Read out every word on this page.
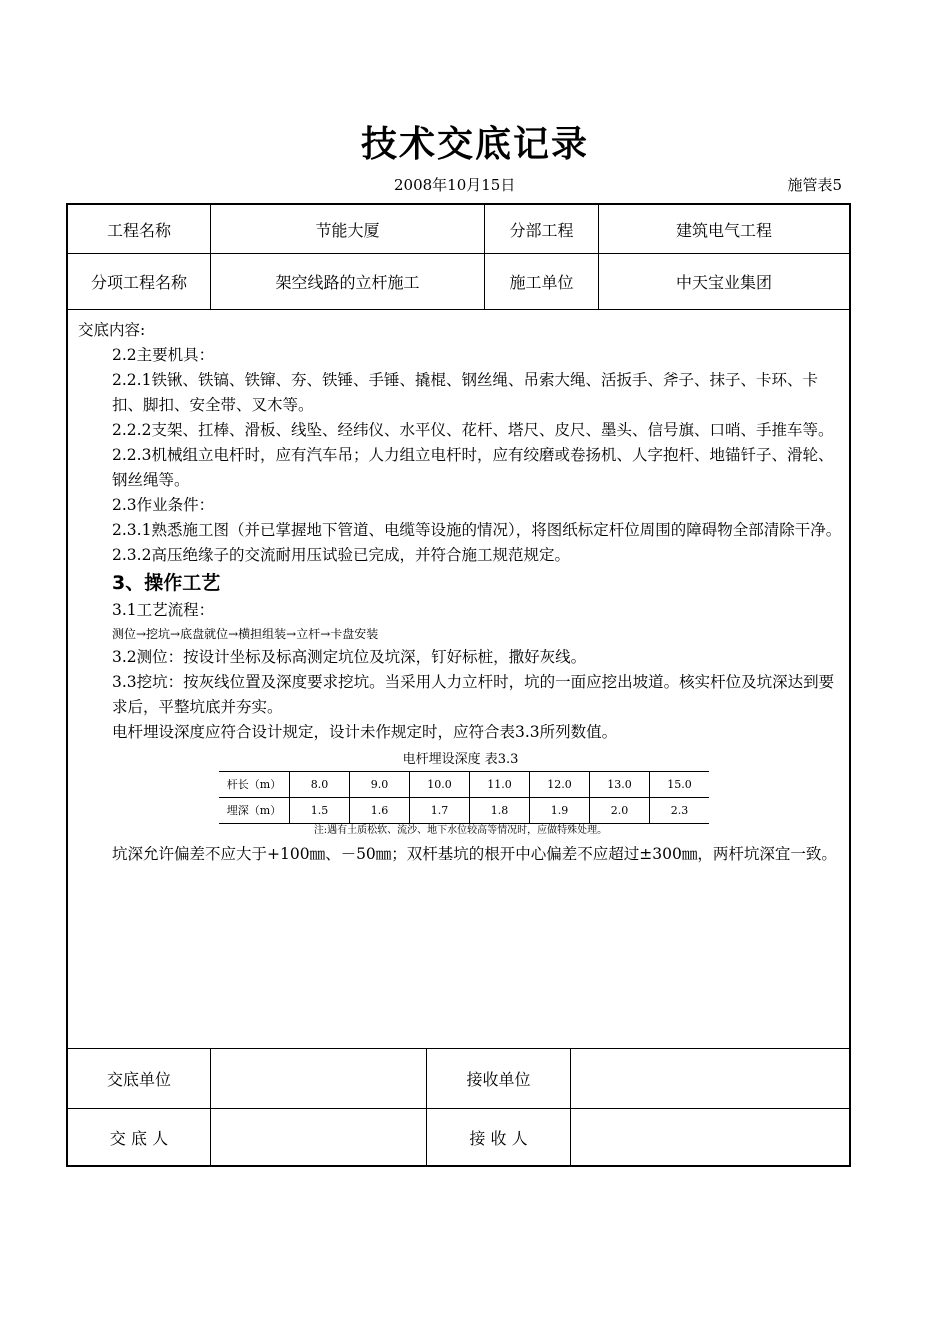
技术交底记录
2008年10月15日	施管表5
工程名称	节能大厦	分部工程	建筑电气工程
分项工程名称	架空线路的立杆施工	施工单位	中天宝业集团

交底内容:

2.2主要机具：

2.2.1铁锹、铁镐、铁镩、夯、铁锤、手锤、撬棍、钢丝绳、吊索大绳、活扳手、斧子、抹子、卡环、卡扣、脚扣、安全带、叉木等。

2.2.2支架、扛棒、滑板、线坠、经纬仪、水平仪、花杆、塔尺、皮尺、墨头、信号旗、口哨、手推车等。

2.2.3机械组立电杆时，应有汽车吊；人力组立电杆时，应有绞磨或卷扬机、人字抱杆、地锚钎子、滑轮、钢丝绳等。

2.3作业条件：

2.3.1熟悉施工图（并已掌握地下管道、电缆等设施的情况），将图纸标定杆位周围的障碍物全部清除干净。

2.3.2高压绝缘子的交流耐用压试验已完成，并符合施工规范规定。

3、操作工艺

3.1工艺流程：

测位→挖坑→底盘就位→横担组装→立杆→卡盘安装

3.2测位：按设计坐标及标高测定坑位及坑深，钉好标桩，撒好灰线。

3.3挖坑：按灰线位置及深度要求挖坑。当采用人力立杆时，坑的一面应挖出坡道。核实杆位及坑深达到要求后，平整坑底并夯实。

电杆埋设深度应符合设计规定，设计未作规定时，应符合表3.3所列数值。

电杆埋设深度 表3.3
杆长（m）	8.0	9.0	10.0	11.0	12.0	13.0	15.0
埋深（m）	1.5	1.6	1.7	1.8	1.9	2.0	2.3
注:遇有土质松软、流沙、地下水位较高等情况时，应做特殊处理。

坑深允许偏差不应大于+100㎜、－50㎜；双杆基坑的根开中心偏差不应超过±300㎜，两杆坑深宜一致。

交底单位	接收单位
交 底 人	接 收 人
